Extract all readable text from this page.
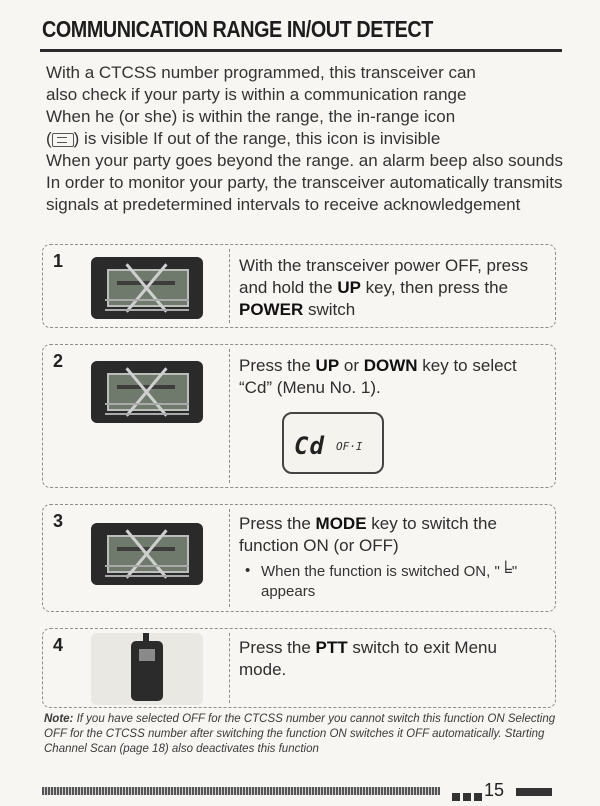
COMMUNICATION RANGE IN/OUT DETECT

With a CTCSS number programmed, this transceiver can

also check if your party is within a communication range

When he (or she) is within the range, the in-range icon

( ) is visible If out of the range, this icon is invisible

When your party goes beyond the range. an alarm beep also sounds In order to monitor your party, the transceiver automatically transmits signals at predetermined intervals to receive acknowledgement

1	With the transceiver power OFF, press and hold the UP key, then press the POWER switch
2	Press the UP or DOWN key to select “Cd” (Menu No. 1).
Cd OF·I
3	Press the MODE key to switch the function ON (or OFF)
• When the function is switched ON, "╘" appears
4	Press the PTT switch to exit Menu mode.
Note: If you have selected OFF for the CTCSS number you cannot switch this function ON Selecting OFF for the CTCSS number after switching the function ON switches it OFF automatically. Starting Channel Scan (page 18) also deactivates this function
15
